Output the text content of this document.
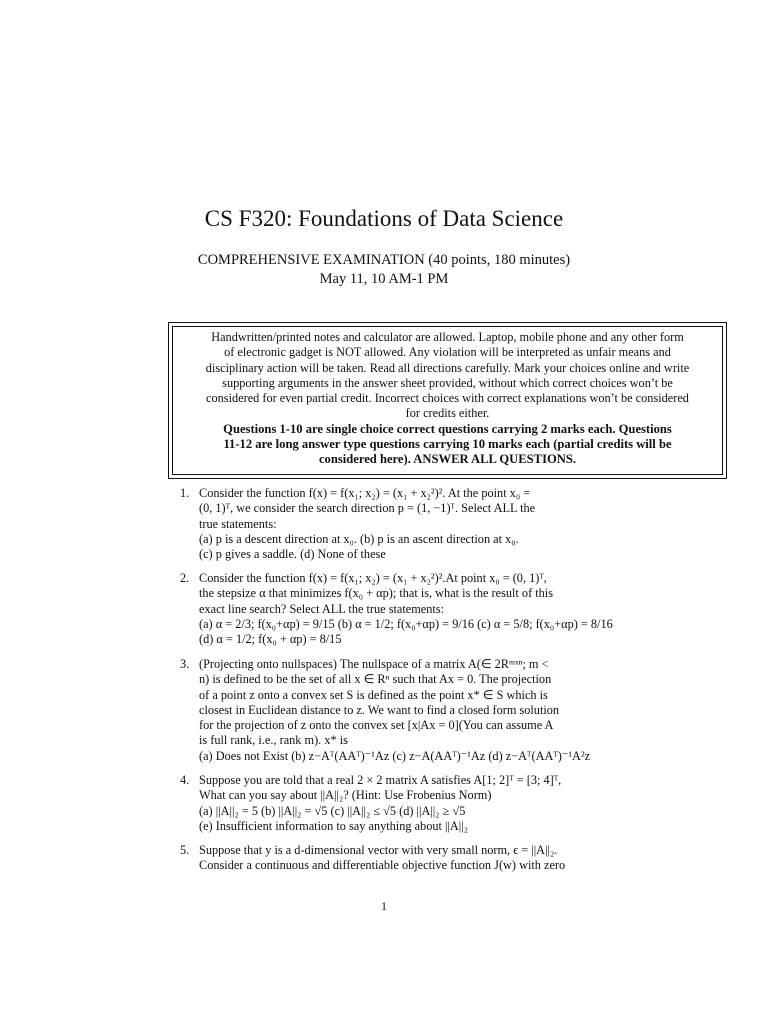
CS F320: Foundations of Data Science
COMPREHENSIVE EXAMINATION (40 points, 180 minutes)
May 11, 10 AM-1 PM
Handwritten/printed notes and calculator are allowed. Laptop, mobile phone and any other form
of electronic gadget is NOT allowed. Any violation will be interpreted as unfair means and
disciplinary action will be taken. Read all directions carefully. Mark your choices online and write
supporting arguments in the answer sheet provided, without which correct choices won’t be
considered for even partial credit. Incorrect choices with correct explanations won’t be considered
for credits either.
Questions 1-10 are single choice correct questions carrying 2 marks each. Questions
11-12 are long answer type questions carrying 10 marks each (partial credits will be
considered here). ANSWER ALL QUESTIONS.
1. Consider the function f(x) = f(x₁; x₂) = (x₁ + x₂²)². At the point x₀ =
(0, 1)ᵀ, we consider the search direction p = (1, −1)ᵀ. Select ALL the
true statements:
(a) p is a descent direction at x₀. (b) p is an ascent direction at x₀.
(c) p gives a saddle. (d) None of these
2. Consider the function f(x) = f(x₁; x₂) = (x₁ + x₂²)².At point x₀ = (0, 1)ᵀ,
the stepsize α that minimizes f(x₀ + αp); that is, what is the result of this
exact line search? Select ALL the true statements:
(a) α = 2/3; f(x₀+αp) = 9/15 (b) α = 1/2; f(x₀+αp) = 9/16 (c) α = 5/8; f(x₀+αp) = 8/16
(d) α = 1/2; f(x₀ + αp) = 8/15
3. (Projecting onto nullspaces) The nullspace of a matrix A(∈ 2Rᵐˣⁿ; m <
n) is defined to be the set of all x ∈ Rⁿ such that Ax = 0. The projection
of a point z onto a convex set S is defined as the point x* ∈ S which is
closest in Euclidean distance to z. We want to find a closed form solution
for the projection of z onto the convex set [x|Ax = 0](You can assume A
is full rank, i.e., rank m). x* is
(a) Does not Exist (b) z−Aᵀ(AAᵀ)⁻¹Az (c) z−A(AAᵀ)⁻¹Az (d) z−Aᵀ(AAᵀ)⁻¹A²z
4. Suppose you are told that a real 2 × 2 matrix A satisfies A[1; 2]ᵀ = [3; 4]ᵀ,
What can you say about ||A||₂? (Hint: Use Frobenius Norm)
(a) ||A||₂ = 5 (b) ||A||₂ = √5 (c) ||A||₂ ≤ √5 (d) ||A||₂ ≥ √5
(e) Insufficient information to say anything about ||A||₂
5. Suppose that y is a d-dimensional vector with very small norm, ϵ = ||A||₂.
Consider a continuous and differentiable objective function J(w) with zero
1
